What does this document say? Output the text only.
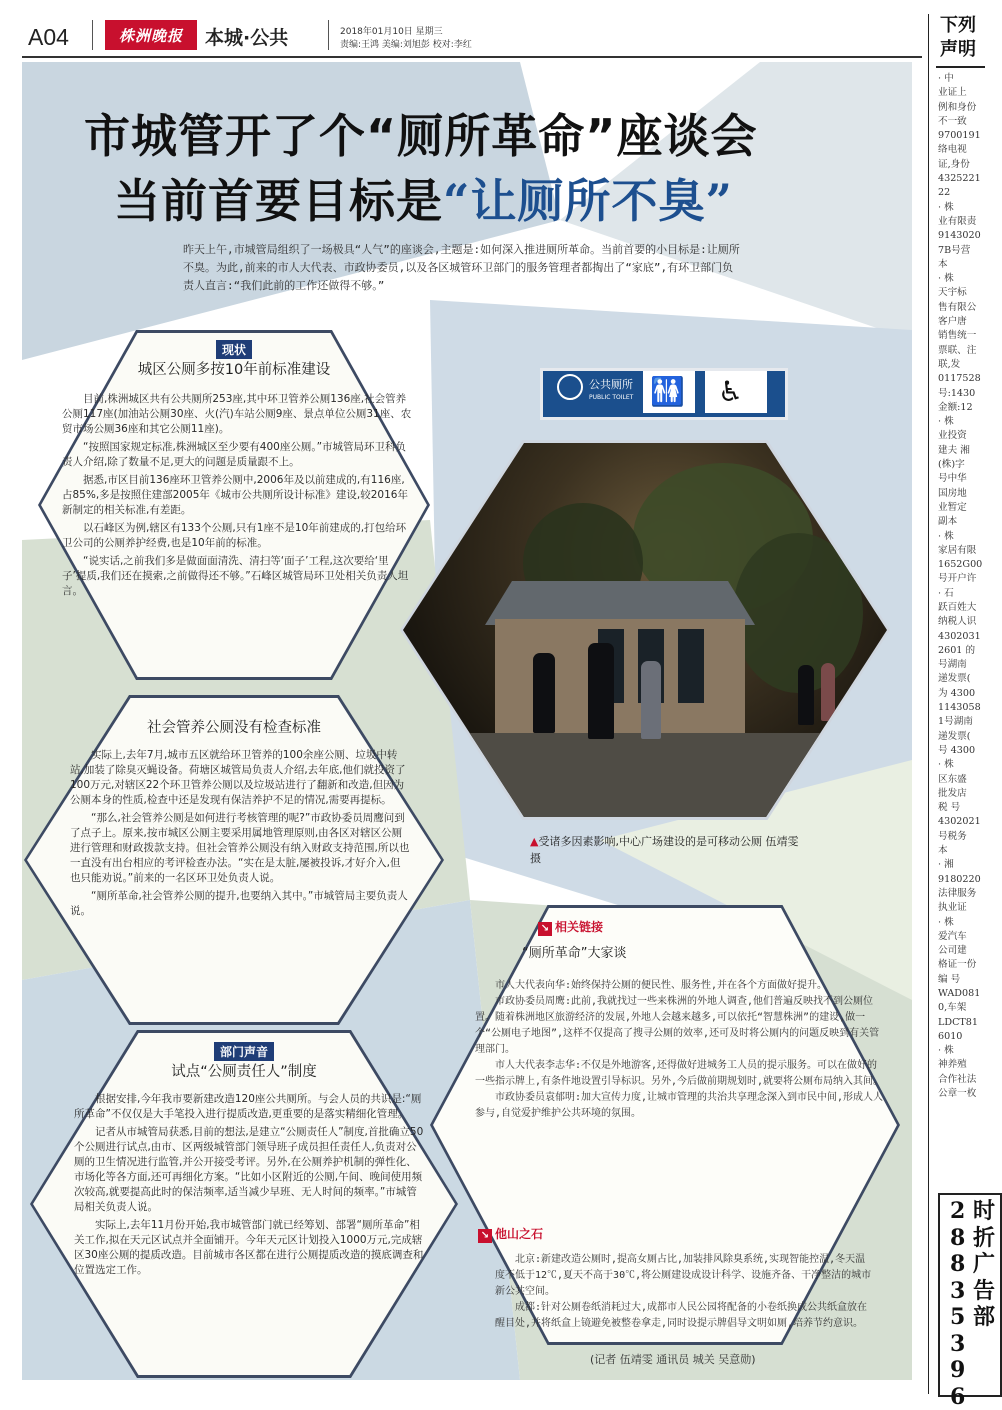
A04	株洲晚报	本城·公共	2018年01月10日 星期三
责编:王鸿 美编:刘旭彭 校对:李红
市城管开了个“厕所革命”座谈会
当前首要目标是“让厕所不臭”
昨天上午,市城管局组织了一场极具“人气”的座谈会,主题是:如何深入推进厕所革命。当前首要的小目标是:让厕所不臭。为此,前来的市人大代表、市政协委员,以及各区城管环卫部门的服务管理者都掏出了“家底”,有环卫部门负责人直言:“我们此前的工作还做得不够。”
现状
城区公厕多按10年前标准建设

目前,株洲城区共有公共厕所253座,其中环卫管养公厕136座,社会管养公厕117座(加油站公厕30座、火(汽)车站公厕9座、景点单位公厕31座、农贸市场公厕36座和其它公厕11座)。

“按照国家规定标准,株洲城区至少要有400座公厕。”市城管局环卫科负责人介绍,除了数量不足,更大的问题是质量跟不上。

据悉,市区目前136座环卫管养公厕中,2006年及以前建成的,有116座,占85%,多是按照住建部2005年《城市公共厕所设计标准》建设,较2016年新制定的相关标准,有差距。

以石峰区为例,辖区有133个公厕,只有1座不是10年前建成的,打包给环卫公司的公厕养护经费,也是10年前的标准。

“说实话,之前我们多是做面面清洗、清扫等‘面子’工程,这次要给‘里子’提质,我们还在摸索,之前做得还不够。”石峰区城管局环卫处相关负责人坦言。

社会管养公厕没有检查标准

实际上,去年7月,城市五区就给环卫管养的100余座公厕、垃圾中转站,加装了除臭灭蝇设备。荷塘区城管局负责人介绍,去年底,他们就投资了100万元,对辖区22个环卫管养公厕以及垃圾站进行了翻新和改造,但因为公厕本身的性质,检查中还是发现有保洁养护不足的情况,需要再提标。

“那么,社会管养公厕是如何进行考核管理的呢?”市政协委员周鹰问到了点子上。原来,按市城区公厕主要采用属地管理原则,由各区对辖区公厕进行管理和财政拨款支持。但社会管养公厕没有纳入财政支持范围,所以也一直没有出台相应的考评检查办法。“实在是太脏,屡被投诉,才好介入,但也只能劝说。”前来的一名区环卫处负责人说。

“厕所革命,社会管养公厕的提升,也要纳入其中。”市城管局主要负责人说。

部门声音
试点“公厕责任人”制度

根据安排,今年我市要新建改造120座公共厕所。与会人员的共识是:“厕所革命”不仅仅是大手笔投入进行提质改造,更重要的是落实精细化管理。

记者从市城管局获悉,目前的想法,是建立“公厕责任人”制度,首批确立50个公厕进行试点,由市、区两级城管部门领导班子成员担任责任人,负责对公厕的卫生情况进行监管,并公开接受考评。另外,在公厕养护机制的弹性化、市场化等各方面,还可再细化方案。“比如小区附近的公厕,午间、晚间使用频次较高,就要提高此时的保洁频率,适当减少早班、无人时间的频率。”市城管局相关负责人说。

实际上,去年11月份开始,我市城管部门就已经筹划、部署“厕所革命”相关工作,拟在天元区试点并全面铺开。今年天元区计划投入1000万元,完成辖区30座公厕的提质改造。目前城市各区都在进行公厕提质改造的摸底调查和位置选定工作。

公共厕所
PUBLIC TOILET 🚻 ♿
▲受诸多因素影响,中心广场建设的是可移动公厕 伍靖雯 摄
↘ 相关链接
“厕所革命”大家谈

市人大代表向华:始终保持公厕的便民性、服务性,并在各个方面做好提升。

市政协委员周鹰:此前,我就找过一些来株洲的外地人调查,他们普遍反映找不到公厕位置。随着株洲地区旅游经济的发展,外地人会越来越多,可以依托“智慧株洲”的建设,做一个“公厕电子地图”,这样不仅提高了搜寻公厕的效率,还可及时将公厕内的问题反映到有关管理部门。

市人大代表李志华:不仅是外地游客,还得做好进城务工人员的提示服务。可以在做好的一些指示牌上,有条件地设置引导标识。另外,今后做前期规划时,就要将公厕布局纳入其间。

市政协委员袁郁明:加大宣传力度,让城市管理的共治共享理念深入到市民中间,形成人人参与,自觉爱护维护公共环境的氛围。

↘ 他山之石

北京:新建改造公厕时,提高女厕占比,加装排风除臭系统,实现智能控温,冬天温度不低于12℃,夏天不高于30℃,将公厕建设成设计科学、设施齐备、干净整洁的城市新公共空间。

成都:针对公厕卷纸消耗过大,成都市人民公园将配备的小卷纸换成公共纸盒放在醒目处,并将纸盒上镜避免被整卷拿走,同时设提示牌倡导文明如厕,培养节约意识。

(记者 伍靖雯 通讯员 城关 吴意勋)
下列
声明
· 中
业证上
例和身份
不一致
9700191
络电视
证,身份
4325221
22
· 株
业有限责
9143020
7B号营
本
· 株
天宇标
售有限公
客户唐
销售统一
票联、注
联,发
0117528
号:1430
金额:12
· 株
业投资
建夫 湘
(株)字
号中华
国房地
业暂定
副本
· 株
家居有限
1652G00
号开户许
· 石
跃百姓大
纳税人识
4302031
2601 的
号湖南
递发票(
为 4300
1143058
1号湖南
递发票(
号 4300
· 株
区东盛
批发店
税 号
4302021
号税务
本
· 湘
9180220
法律服务
执业证
· 株
爱汽车
公司建
格证一份
编 号
WAD081
0,车架
LDCT81
6010
· 株
神养殖
合作社法
公章一枚
2 时
8 折
8 广
3 告
5 部
3
9
6
